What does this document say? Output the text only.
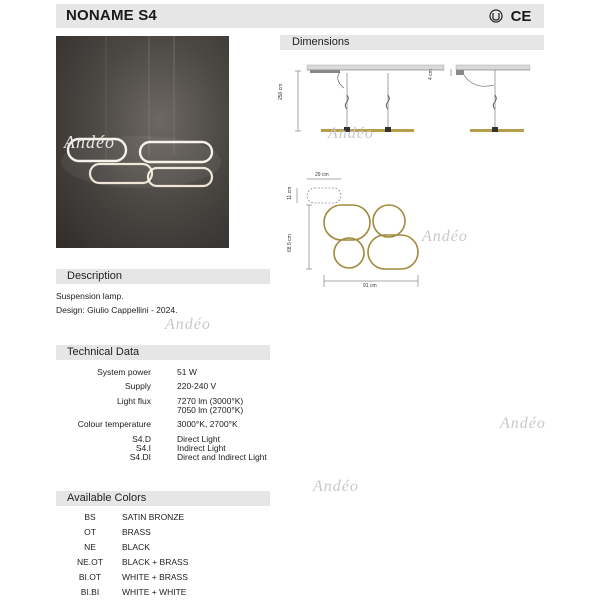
NONAME S4	CE
Andéo
Dimensions
250 cm
4 cm
29 cm
11 cm
68.5 cm
91 cm
Andéo
Andéo
Description
Suspension lamp.
Design: Giulio Cappellini - 2024.
Andéo
Technical Data
System power	51 W
Supply	220-240 V
Light flux	7270 lm (3000°K)
7050 lm (2700°K)
Colour temperature	3000°K, 2700°K
S4.D	Direct Light
S4.I	Indirect Light
S4.DI	Direct and Indirect Light
Andéo
Andéo
Available Colors
BS	SATIN BRONZE
OT	BRASS
NE	BLACK
NE.OT	BLACK + BRASS
BI.OT	WHITE + BRASS
BI.BI	WHITE + WHITE
